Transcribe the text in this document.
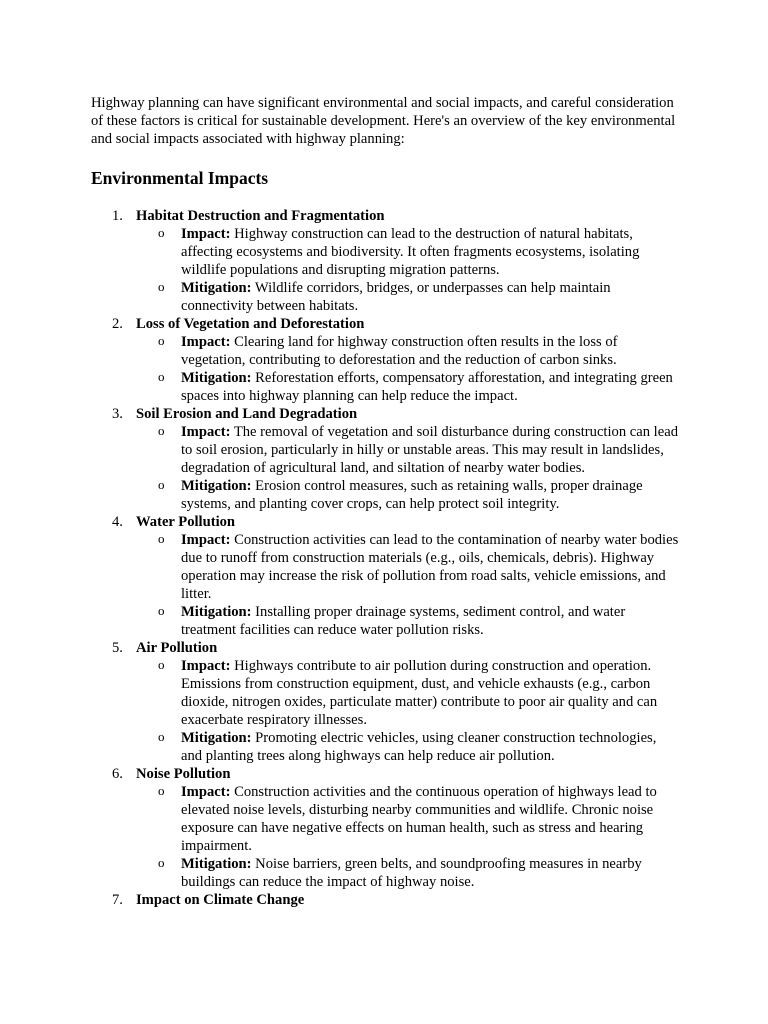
Highway planning can have significant environmental and social impacts, and careful consideration of these factors is critical for sustainable development. Here's an overview of the key environmental and social impacts associated with highway planning:

Environmental Impacts
1. Habitat Destruction and Fragmentation
o Impact: Highway construction can lead to the destruction of natural habitats, affecting ecosystems and biodiversity. It often fragments ecosystems, isolating wildlife populations and disrupting migration patterns.
o Mitigation: Wildlife corridors, bridges, or underpasses can help maintain connectivity between habitats.
2. Loss of Vegetation and Deforestation
o Impact: Clearing land for highway construction often results in the loss of vegetation, contributing to deforestation and the reduction of carbon sinks.
o Mitigation: Reforestation efforts, compensatory afforestation, and integrating green spaces into highway planning can help reduce the impact.
3. Soil Erosion and Land Degradation
o Impact: The removal of vegetation and soil disturbance during construction can lead to soil erosion, particularly in hilly or unstable areas. This may result in landslides, degradation of agricultural land, and siltation of nearby water bodies.
o Mitigation: Erosion control measures, such as retaining walls, proper drainage systems, and planting cover crops, can help protect soil integrity.
4. Water Pollution
o Impact: Construction activities can lead to the contamination of nearby water bodies due to runoff from construction materials (e.g., oils, chemicals, debris). Highway operation may increase the risk of pollution from road salts, vehicle emissions, and litter.
o Mitigation: Installing proper drainage systems, sediment control, and water treatment facilities can reduce water pollution risks.
5. Air Pollution
o Impact: Highways contribute to air pollution during construction and operation. Emissions from construction equipment, dust, and vehicle exhausts (e.g., carbon dioxide, nitrogen oxides, particulate matter) contribute to poor air quality and can exacerbate respiratory illnesses.
o Mitigation: Promoting electric vehicles, using cleaner construction technologies, and planting trees along highways can help reduce air pollution.
6. Noise Pollution
o Impact: Construction activities and the continuous operation of highways lead to elevated noise levels, disturbing nearby communities and wildlife. Chronic noise exposure can have negative effects on human health, such as stress and hearing impairment.
o Mitigation: Noise barriers, green belts, and soundproofing measures in nearby buildings can reduce the impact of highway noise.
7. Impact on Climate Change
